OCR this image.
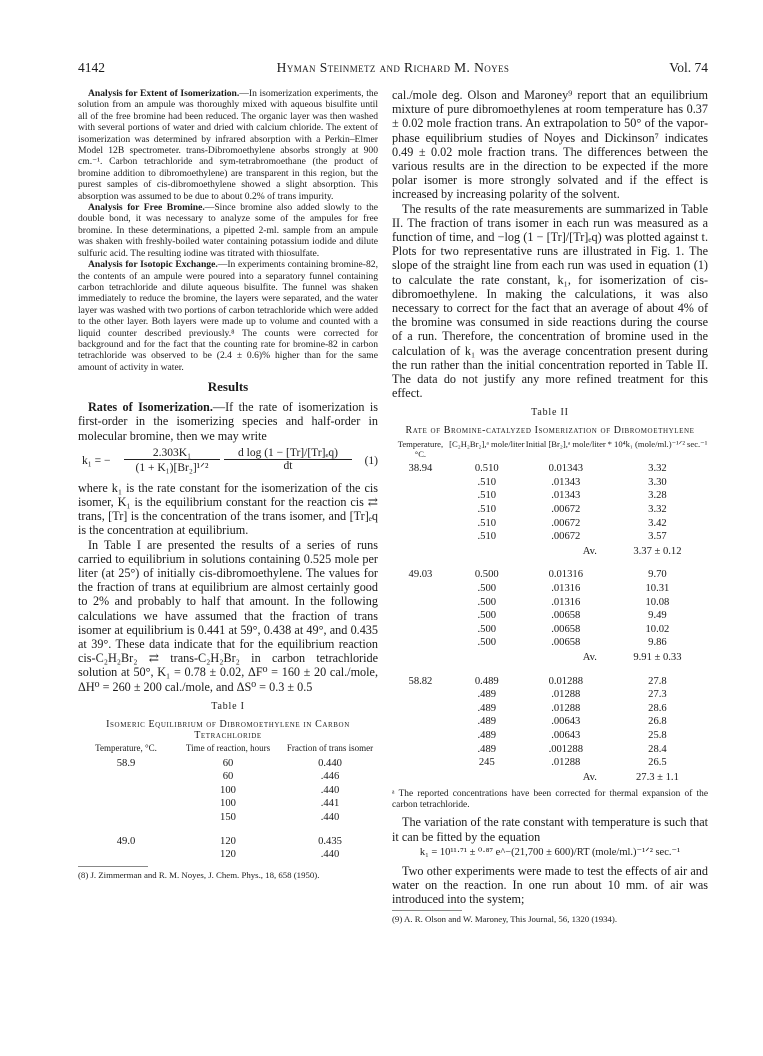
4142	Hyman Steinmetz and Richard M. Noyes	Vol. 74

Analysis for Extent of Isomerization.—In isomerization experiments, the solution from an ampule was thoroughly mixed with aqueous bisulfite until all of the free bromine had been reduced. The organic layer was then washed with several portions of water and dried with calcium chloride. The extent of isomerization was determined by infrared absorption with a Perkin–Elmer Model 12B spectrometer. trans-Dibromoethylene absorbs strongly at 900 cm.⁻¹. Carbon tetrachloride and sym-tetrabromoethane (the product of bromine addition to dibromoethylene) are transparent in this region, but the purest samples of cis-dibromoethylene showed a slight absorption. This absorption was assumed to be due to about 0.2% of trans impurity.

Analysis for Free Bromine.—Since bromine also added slowly to the double bond, it was necessary to analyze some of the ampules for free bromine. In these determinations, a pipetted 2-ml. sample from an ampule was shaken with freshly-boiled water containing potassium iodide and dilute sulfuric acid. The resulting iodine was titrated with thiosulfate.

Analysis for Isotopic Exchange.—In experiments containing bromine-82, the contents of an ampule were poured into a separatory funnel containing carbon tetrachloride and dilute aqueous bisulfite. The funnel was shaken immediately to reduce the bromine, the layers were separated, and the water layer was washed with two portions of carbon tetrachloride which were added to the other layer. Both layers were made up to volume and counted with a liquid counter described previously.⁸ The counts were corrected for background and for the fact that the counting rate for bromine-82 in carbon tetrachloride was observed to be (2.4 ± 0.6)% higher than for the same amount of activity in water.

Results

Rates of Isomerization.—If the rate of isomerization is first-order in the isomerizing species and half-order in molecular bromine, then we may write

k₁ = −
2.303K₁
(1 + K₁)[Br₂]¹ᐟ²	$\frac{\text{d log (1 − [Tr]/[Tr]ₑq)}}{dt} (1)$

where k₁ is the rate constant for the isomerization of the cis isomer, K₁ is the equilibrium constant for the reaction cis ⇄ trans, [Tr] is the concentration of the trans isomer, and [Tr]ₑq is the concentration at equilibrium.

In Table I are presented the results of a series of runs carried to equilibrium in solutions containing 0.525 mole per liter (at 25°) of initially cis-dibromoethylene. The values for the fraction of trans at equilibrium are almost certainly good to 2% and probably to half that amount. In the following calculations we have assumed that the fraction of trans isomer at equilibrium is 0.441 at 59°, 0.438 at 49°, and 0.435 at 39°. These data indicate that for the equilibrium reaction cis-C₂H₂Br₂ ⇄ trans-C₂H₂Br₂ in carbon tetrachloride solution at 50°, K₁ = 0.78 ± 0.02, ΔF⁰ = 160 ± 20 cal./mole, ΔH⁰ = 260 ± 200 cal./mole, and ΔS⁰ = 0.3 ± 0.5

Table I
Isomeric Equilibrium of Dibromoethylene in Carbon Tetrachloride
Temperature, °C.	Time of reaction, hours	Fraction of trans isomer
58.9	60	0.440
	60	.446
	100	.440
	100	.441
	150	.440

49.0	120	0.435
	120	.440

(8) J. Zimmerman and R. M. Noyes, J. Chem. Phys., 18, 658 (1950).

cal./mole deg. Olson and Maroney⁹ report that an equilibrium mixture of pure dibromoethylenes at room temperature has 0.37 ± 0.02 mole fraction trans. An extrapolation to 50° of the vapor-phase equilibrium studies of Noyes and Dickinson⁷ indicates 0.49 ± 0.02 mole fraction trans. The differences between the various results are in the direction to be expected if the more polar isomer is more strongly solvated and if the effect is increased by increasing polarity of the solvent.

The results of the rate measurements are summarized in Table II. The fraction of trans isomer in each run was measured as a function of time, and −log (1 − [Tr]/[Tr]ₑq) was plotted against t. Plots for two representative runs are illustrated in Fig. 1. The slope of the straight line from each run was used in equation (1) to calculate the rate constant, k₁, for isomerization of cis-dibromoethylene. In making the calculations, it was also necessary to correct for the fact that an average of about 4% of the bromine was consumed in side reactions during the course of a run. Therefore, the concentration of bromine used in the calculation of k₁ was the average concentration present during the run rather than the initial concentration reported in Table II. The data do not justify any more refined treatment for this effect.

Table II
Rate of Bromine-catalyzed Isomerization of Dibromoethylene
Temperature, °C.	[C₂H₂Br₂],ᵃ mole/liter	Initial [Br₂],ᵃ mole/liter	* 10⁴k₁ (mole/ml.)⁻¹ᐟ² sec.⁻¹
38.94	0.510	0.01343	3.32
	.510	.01343	3.30
	.510	.01343	3.28
	.510	.00672	3.32
	.510	.00672	3.42
	.510	.00672	3.57
		Av.	3.37 ± 0.12

49.03	0.500	0.01316	9.70
	.500	.01316	10.31
	.500	.01316	10.08
	.500	.00658	9.49
	.500	.00658	10.02
	.500	.00658	9.86
		Av.	9.91 ± 0.33

58.82	0.489	0.01288	27.8
	.489	.01288	27.3
	.489	.01288	28.6
	.489	.00643	26.8
	.489	.00643	25.8
	.489	.001288	28.4
	245	.01288	26.5
		Av.	27.3 ± 1.1

ᵃ The reported concentrations have been corrected for thermal expansion of the carbon tetrachloride.

The variation of the rate constant with temperature is such that it can be fitted by the equation

k₁ = 10¹¹·⁷¹ ± ⁰·⁸⁷ e^−(21,700 ± 600)/RT (mole/ml.)⁻¹ᐟ² sec.⁻¹

Two other experiments were made to test the effects of air and water on the reaction. In one run about 10 mm. of air was introduced into the system;

(9) A. R. Olson and W. Maroney, This Journal, 56, 1320 (1934).
